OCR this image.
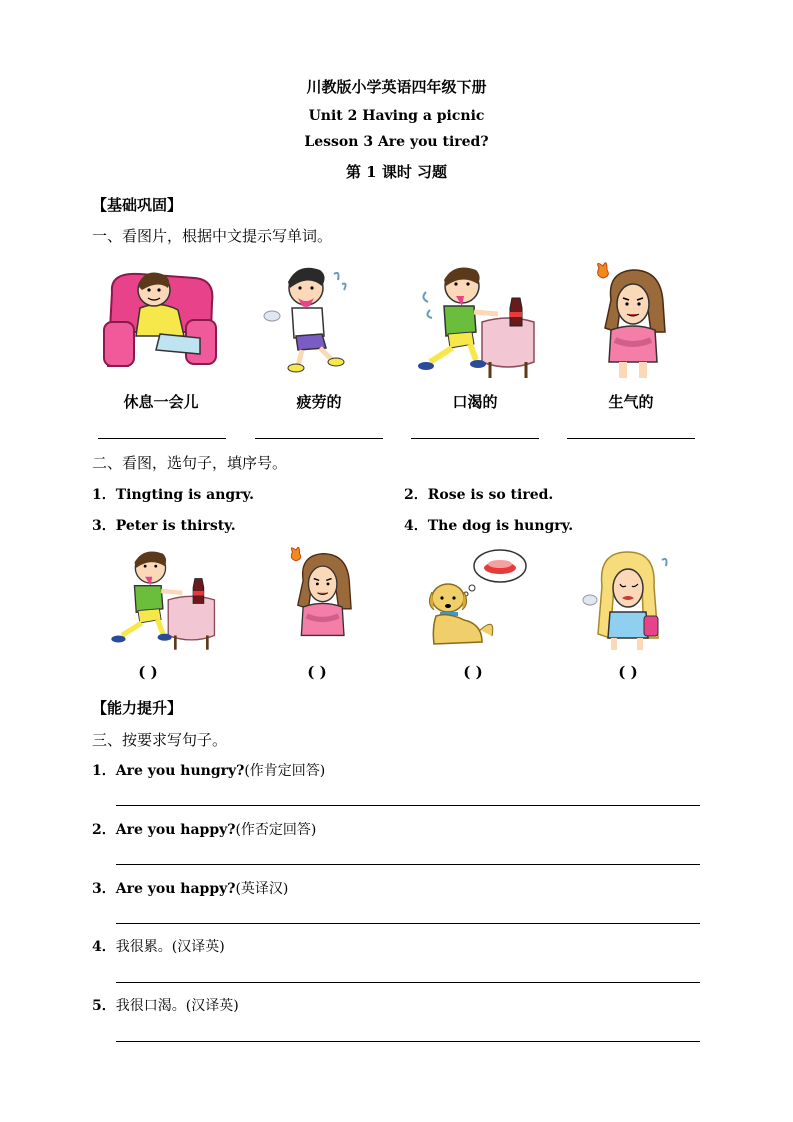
川教版小学英语四年级下册
Unit 2 Having a picnic
Lesson 3 Are you tired?
第 1 课时 习题
【基础巩固】
一、看图片，根据中文提示写单词。
休息一会儿	疲劳的	口渴的	生气的
二、看图，选句子，填序号。
1．Tingting is angry.	2．Rose is so tired.
3．Peter is thirsty.	4．The dog is hungry.
( )	( )	( )	( )
【能力提升】
三、按要求写句子。
1．Are you hungry?(作肯定回答)
2．Are you happy?(作否定回答)
3．Are you happy?(英译汉)
4．我很累。(汉译英)
5．我很口渴。(汉译英)
